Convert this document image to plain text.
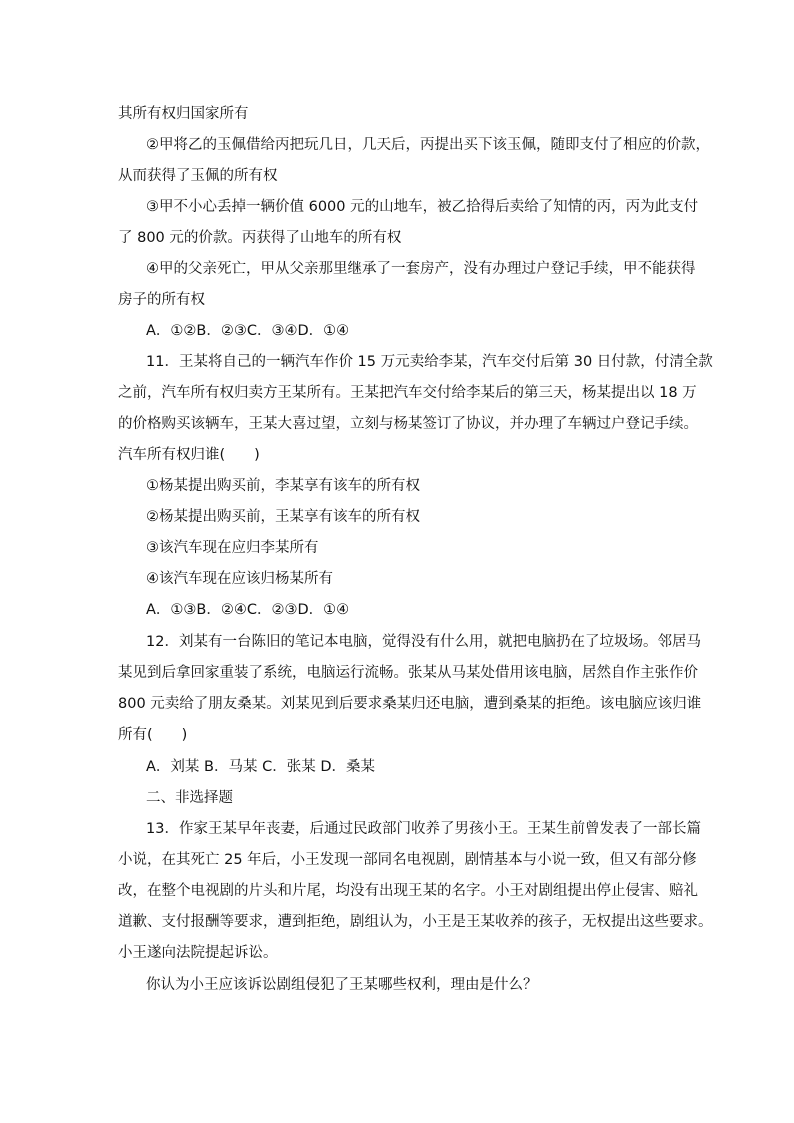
其所有权归国家所有
②甲将乙的玉佩借给丙把玩几日，几天后，丙提出买下该玉佩，随即支付了相应的价款，
从而获得了玉佩的所有权
③甲不小心丢掉一辆价值 6000 元的山地车，被乙拾得后卖给了知情的丙，丙为此支付
了 800 元的价款。丙获得了山地车的所有权
④甲的父亲死亡，甲从父亲那里继承了一套房产，没有办理过户登记手续，甲不能获得
房子的所有权
A．①②B．②③C．③④D．①④
11．王某将自己的一辆汽车作价 15 万元卖给李某，汽车交付后第 30 日付款，付清全款
之前，汽车所有权归卖方王某所有。王某把汽车交付给李某后的第三天，杨某提出以 18 万
的价格购买该辆车，王某大喜过望，立刻与杨某签订了协议，并办理了车辆过户登记手续。
汽车所有权归谁(　　)
①杨某提出购买前，李某享有该车的所有权
②杨某提出购买前，王某享有该车的所有权
③该汽车现在应归李某所有
④该汽车现在应该归杨某所有
A．①③B．②④C．②③D．①④
12．刘某有一台陈旧的笔记本电脑，觉得没有什么用，就把电脑扔在了垃圾场。邻居马
某见到后拿回家重装了系统，电脑运行流畅。张某从马某处借用该电脑，居然自作主张作价
800 元卖给了朋友桑某。刘某见到后要求桑某归还电脑，遭到桑某的拒绝。该电脑应该归谁
所有(　　)
A．刘某 B．马某 C．张某 D．桑某
二、非选择题
13．作家王某早年丧妻，后通过民政部门收养了男孩小王。王某生前曾发表了一部长篇
小说，在其死亡 25 年后，小王发现一部同名电视剧，剧情基本与小说一致，但又有部分修
改，在整个电视剧的片头和片尾，均没有出现王某的名字。小王对剧组提出停止侵害、赔礼
道歉、支付报酬等要求，遭到拒绝，剧组认为，小王是王某收养的孩子，无权提出这些要求。
小王遂向法院提起诉讼。
你认为小王应该诉讼剧组侵犯了王某哪些权利，理由是什么？
